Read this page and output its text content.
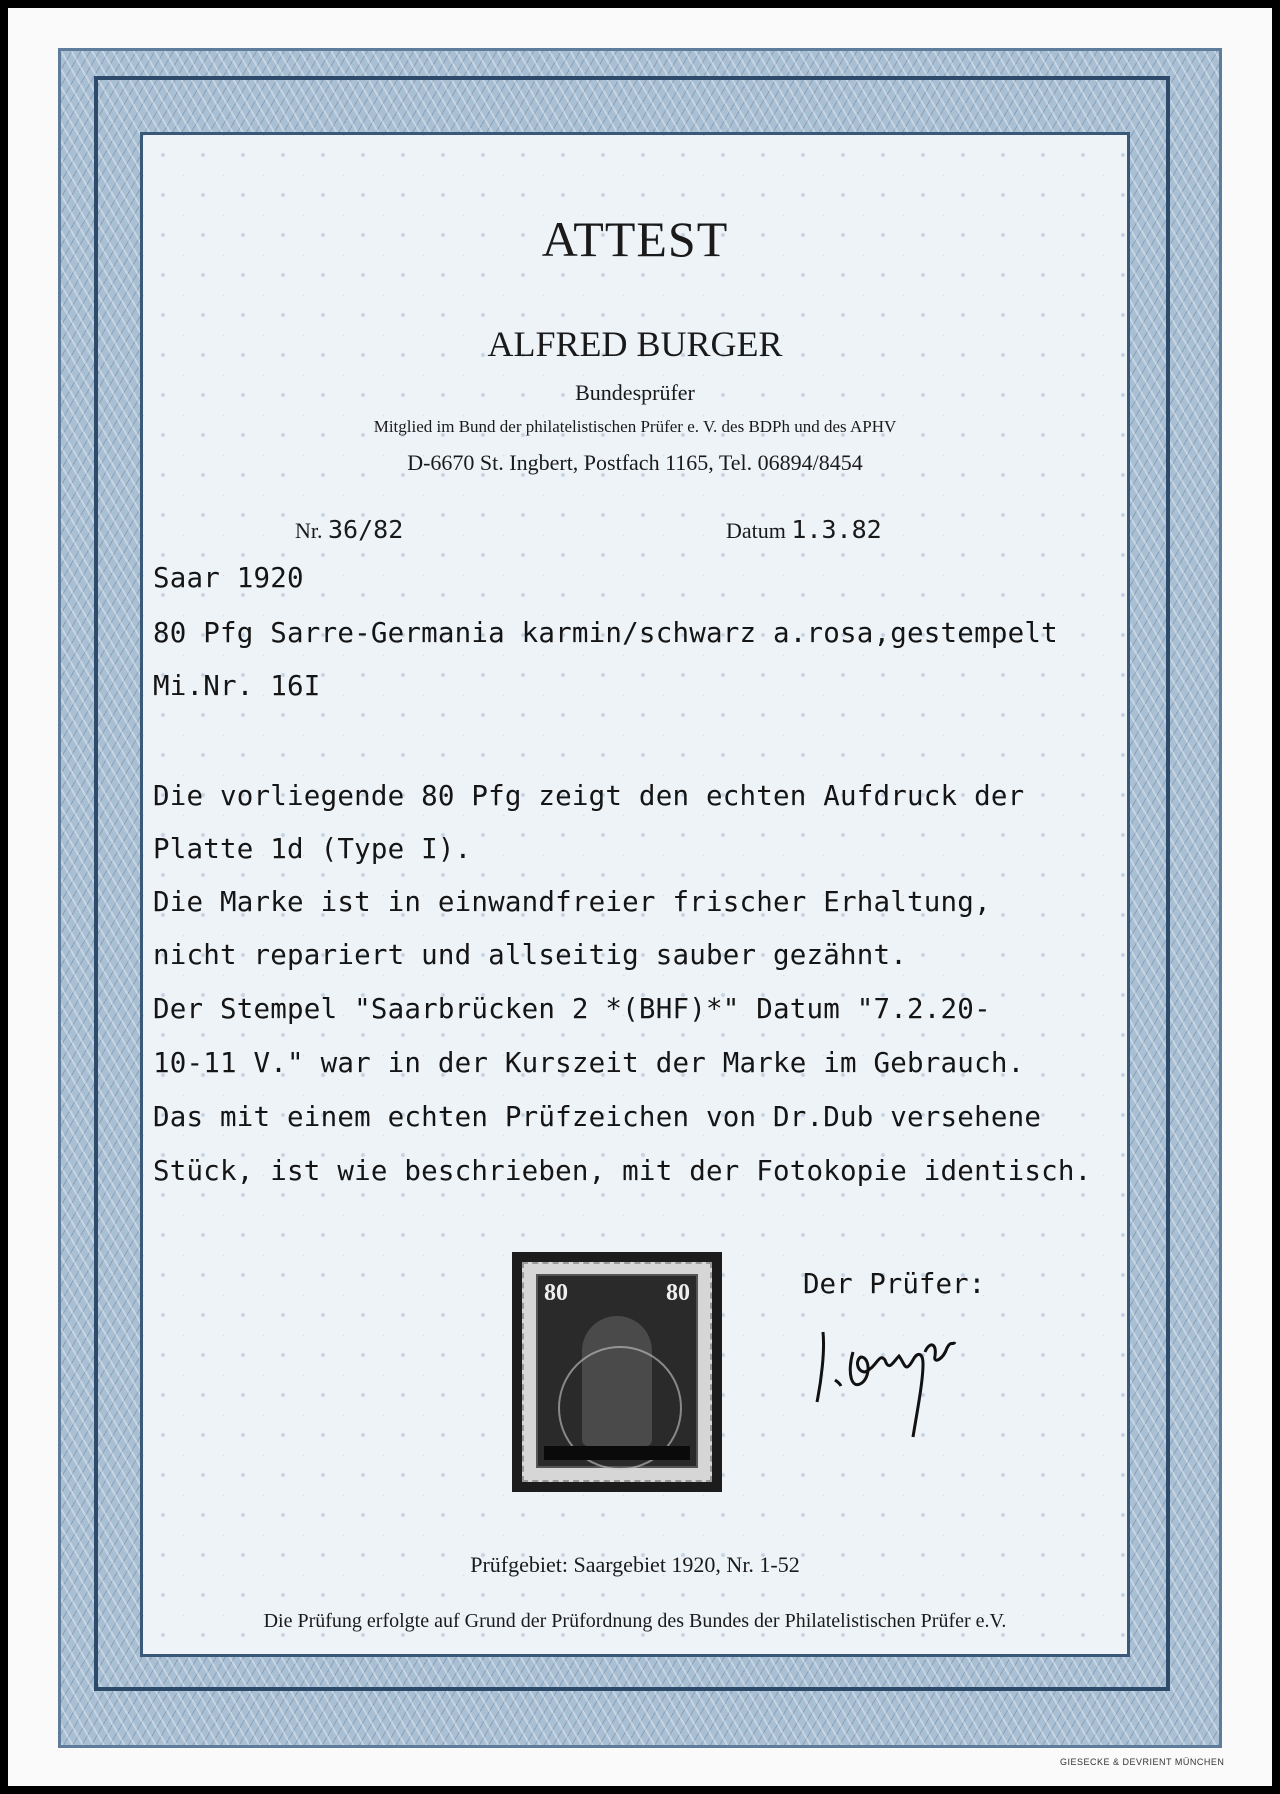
ATTEST
ALFRED BURGER
Bundesprüfer
Mitglied im Bund der philatelistischen Prüfer e. V. des BDPh und des APHV
D-6670 St. Ingbert, Postfach 1165, Tel. 06894/8454
Nr. 36/82	Datum 1.3.82
Saar 1920
80 Pfg Sarre-Germania karmin/schwarz a.rosa,gestempelt
Mi.Nr. 16I
Die vorliegende 80 Pfg zeigt den echten Aufdruck der
Platte 1d (Type I).
Die Marke ist in einwandfreier frischer Erhaltung,
nicht repariert und allseitig sauber gezähnt.
Der Stempel "Saarbrücken 2 *(BHF)*" Datum "7.2.20-
10-11 V." war in der Kurszeit der Marke im Gebrauch.
Das mit einem echten Prüfzeichen von Dr.Dub versehene
Stück, ist wie beschrieben, mit der Fotokopie identisch.
80	80	Der Prüfer:
Prüfgebiet: Saargebiet 1920, Nr. 1-52
Die Prüfung erfolgte auf Grund der Prüfordnung des Bundes der Philatelistischen Prüfer e.V.
GIESECKE & DEVRIENT MÜNCHEN
